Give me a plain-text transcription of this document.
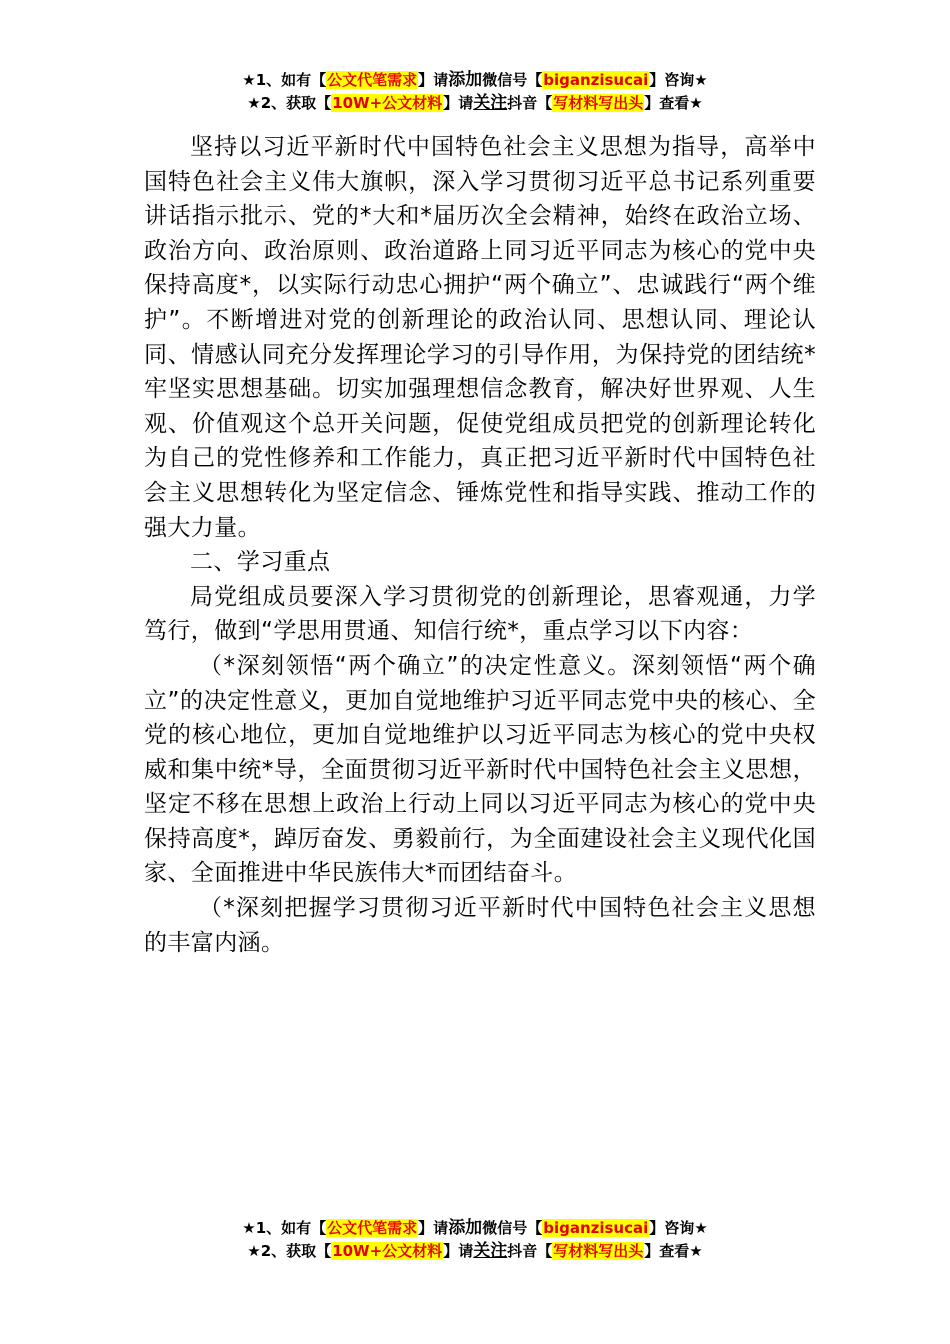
★1、如有【公文代笔需求】请添加微信号【biganzisucai】咨询★
★2、获取【10W+公文材料】请关注抖音【写材料写出头】查看★

坚持以习近平新时代中国特色社会主义思想为指导，高举中国特色社会主义伟大旗帜，深入学习贯彻习近平总书记系列重要讲话指示批示、党的*大和*届历次全会精神，始终在政治立场、政治方向、政治原则、政治道路上同习近平同志为核心的党中央保持高度*，以实际行动忠心拥护“两个确立”、忠诚践行“两个维护”。不断增进对党的创新理论的政治认同、思想认同、理论认同、情感认同充分发挥理论学习的引导作用，为保持党的团结统*牢坚实思想基础。切实加强理想信念教育，解决好世界观、人生观、价值观这个总开关问题，促使党组成员把党的创新理论转化为自己的党性修养和工作能力，真正把习近平新时代中国特色社会主义思想转化为坚定信念、锤炼党性和指导实践、推动工作的强大力量。

二、学习重点

局党组成员要深入学习贯彻党的创新理论，思睿观通，力学笃行，做到“学思用贯通、知信行统*，重点学习以下内容：

（*深刻领悟“两个确立”的决定性意义。深刻领悟“两个确立”的决定性意义，更加自觉地维护习近平同志党中央的核心、全党的核心地位，更加自觉地维护以习近平同志为核心的党中央权威和集中统*导，全面贯彻习近平新时代中国特色社会主义思想，坚定不移在思想上政治上行动上同以习近平同志为核心的党中央保持高度*，踔厉奋发、勇毅前行，为全面建设社会主义现代化国家、全面推进中华民族伟大*而团结奋斗。

（*深刻把握学习贯彻习近平新时代中国特色社会主义思想的丰富内涵。

★1、如有【公文代笔需求】请添加微信号【biganzisucai】咨询★
★2、获取【10W+公文材料】请关注抖音【写材料写出头】查看★
